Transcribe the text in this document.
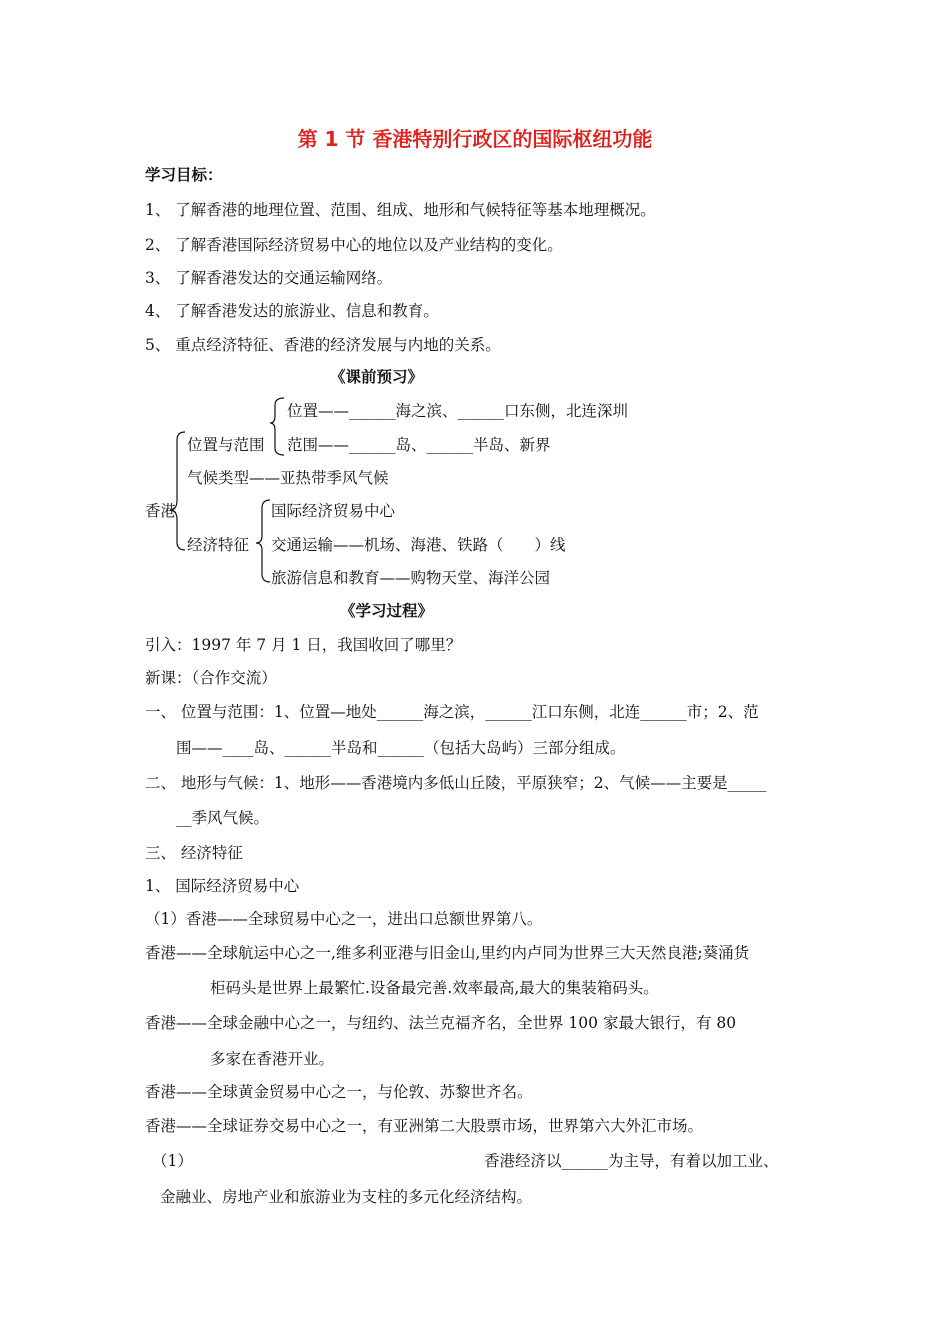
第 1 节 香港特别行政区的国际枢纽功能
学习目标：
1、 了解香港的地理位置、范围、组成、地形和气候特征等基本地理概况。
2、 了解香港国际经济贸易中心的地位以及产业结构的变化。
3、 了解香港发达的交通运输网络。
4、 了解香港发达的旅游业、信息和教育。
5、 重点经济特征、香港的经济发展与内地的关系。
《课前预习》
位置——______海之滨、______口东侧，北连深圳
范围——______岛、______半岛、新界
位置与范围
气候类型——亚热带季风气候
香港	国际经济贸易中心
经济特征 交通运输——机场、海港、铁路（　　）线
旅游信息和教育——购物天堂、海洋公园
《学习过程》
引入：1997 年 7 月 1 日，我国收回了哪里？
新课：（合作交流）
一、 位置与范围：1、位置—地处______海之滨，______江口东侧，北连______市；2、范
围——____岛、______半岛和______（包括大岛屿）三部分组成。
二、 地形与气候：1、地形——香港境内多低山丘陵，平原狭窄；2、气候——主要是_____
__季风气候。
三、 经济特征
1、 国际经济贸易中心
（1）香港——全球贸易中心之一，进出口总额世界第八。
香港——全球航运中心之一,维多利亚港与旧金山,里约内卢同为世界三大天然良港;葵涌货
柜码头是世界上最繁忙.设备最完善.效率最高,最大的集装箱码头。
香港——全球金融中心之一，与纽约、法兰克福齐名，全世界 100 家最大银行，有 80
多家在香港开业。
香港——全球黄金贸易中心之一，与伦敦、苏黎世齐名。
香港——全球证券交易中心之一，有亚洲第二大股票市场，世界第六大外汇市场。
（1）	香港经济以______为主导，有着以加工业、
金融业、房地产业和旅游业为支柱的多元化经济结构。
